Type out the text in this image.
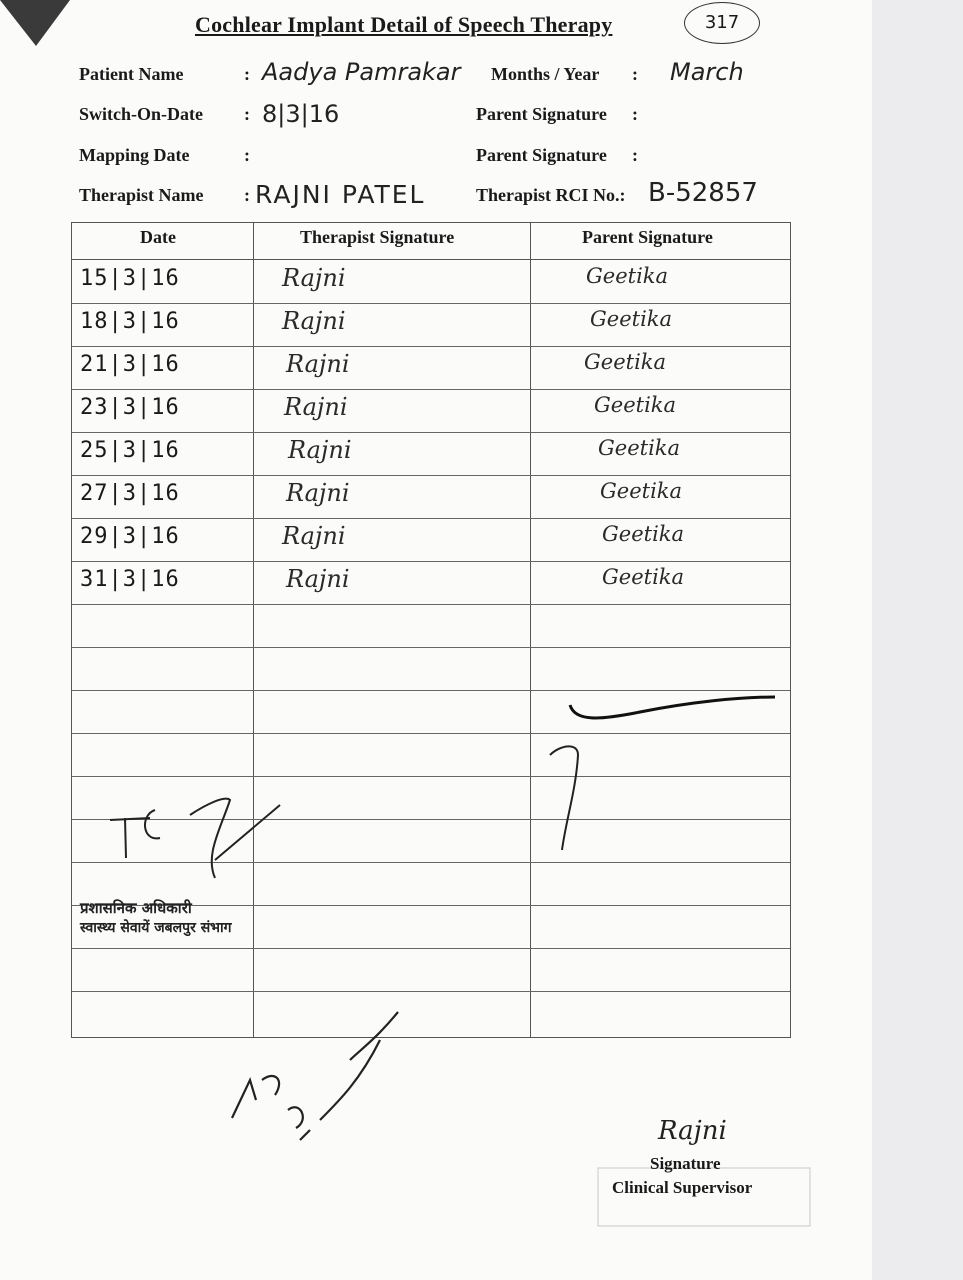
Cochlear Implant Detail of Speech Therapy	317
Patient Name	: Aadya Pamrakar Months / Year : March
Switch-On-Date : 8|3|16	Parent Signature :
Mapping Date	:	Parent Signature :
Therapist Name : RAJNI PATEL	Therapist RCI No.: B-52857
Date	Therapist Signature	Parent Signature
15|3|16	Rajni	Geetika
18|3|16	Rajni	Geetika
21|3|16	Rajni	Geetika
23|3|16	Rajni	Geetika
25|3|16	Rajni	Geetika
27|3|16	Rajni	Geetika
29|3|16	Rajni	Geetika
31|3|16	Rajni	Geetika
प्रशासनिक अधिकारी
स्वास्थ्य सेवायें जबलपुर संभाग
Rajni
Signature
Clinical Supervisor
